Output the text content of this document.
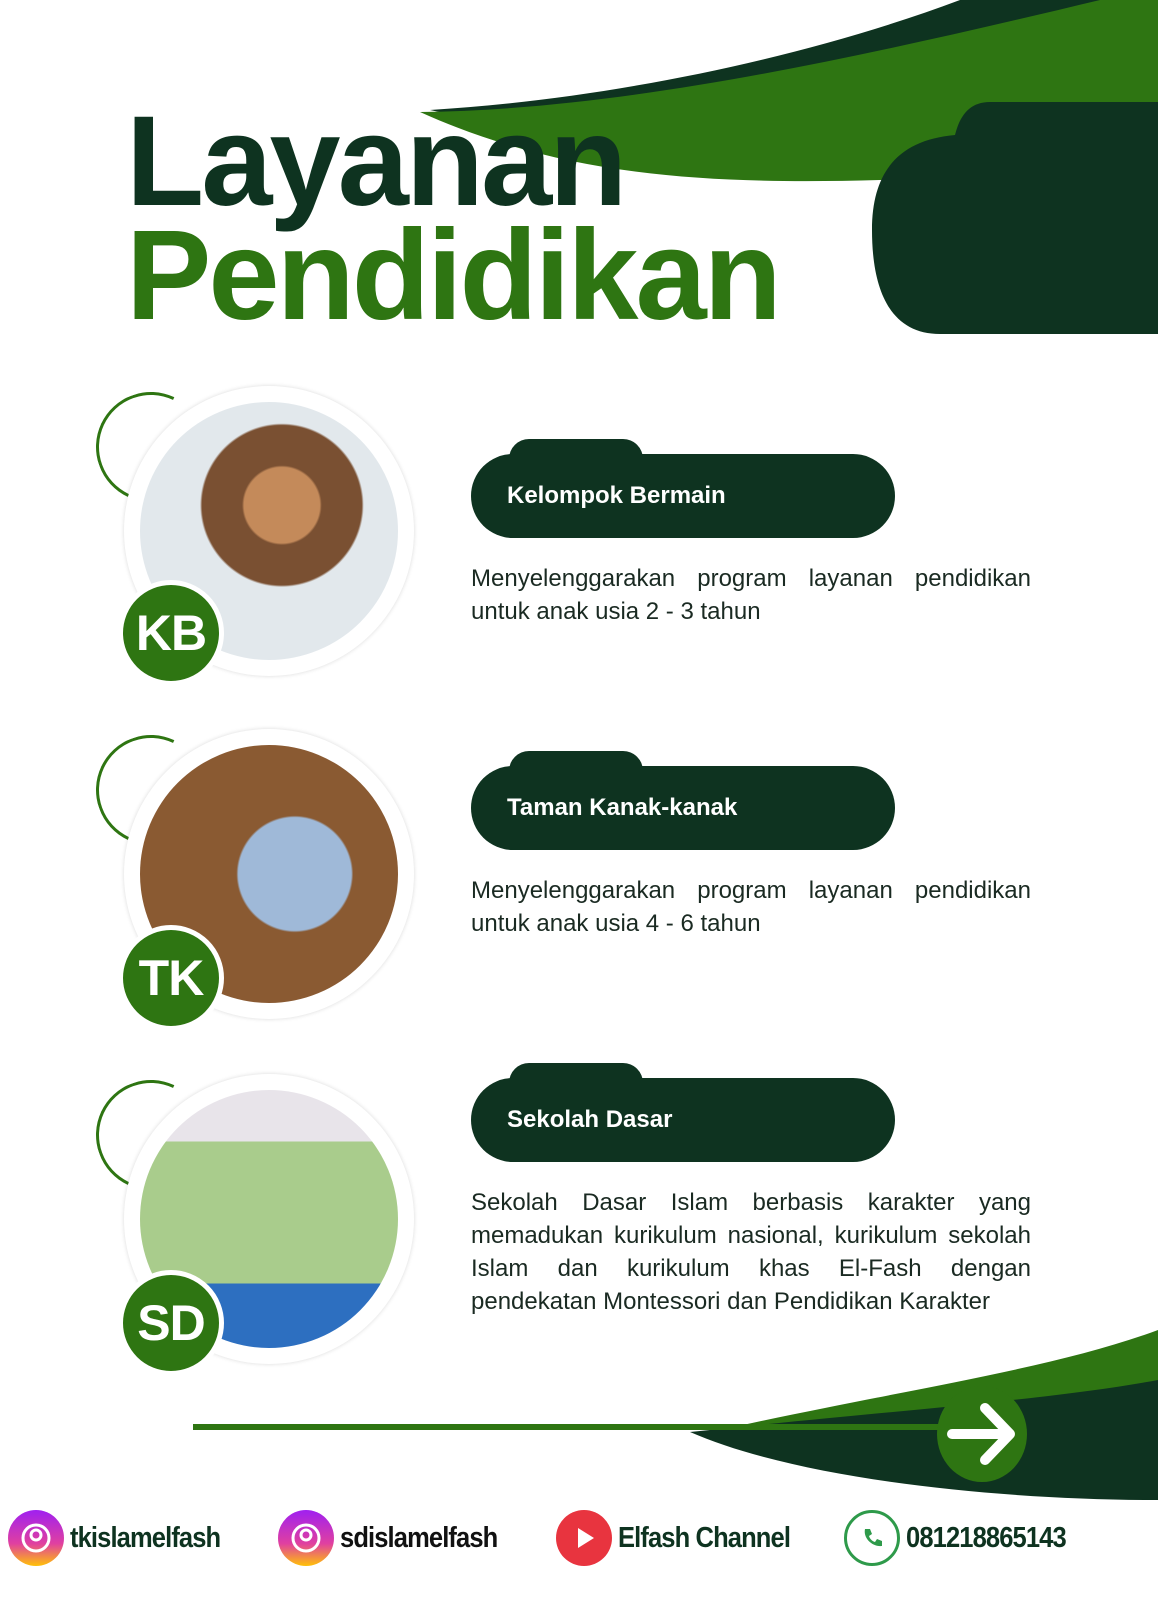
Layanan
Pendidikan
KB
Kelompok Bermain
Menyelenggarakan program layanan pendidikan untuk anak usia 2 - 3 tahun
TK
Taman Kanak-kanak
Menyelenggarakan program layanan pendidikan untuk anak usia 4 - 6 tahun
SD
Sekolah Dasar
Sekolah Dasar Islam berbasis karakter yang memadukan kurikulum nasional, kurikulum sekolah Islam dan kurikulum khas El-Fash dengan pendekatan Montessori dan Pendidikan Karakter
tkislamelfash	sdislamelfash	Elfash Channel	081218865143
